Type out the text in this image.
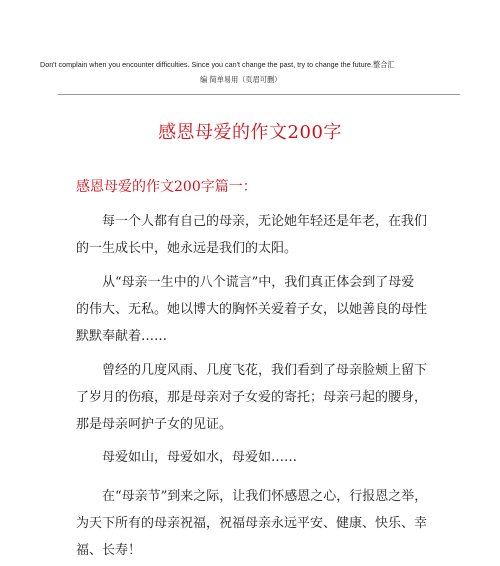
Don't complain when you encounter difficulties. Since you can't change the past, try to change the future.整合汇
编 简单易用（页眉可删）
感恩母爱的作文200字
感恩母爱的作文200字篇一：
每一个人都有自己的母亲，无论她年轻还是年老，在我们
的一生成长中，她永远是我们的太阳。
从“母亲一生中的八个谎言”中，我们真正体会到了母爱
的伟大、无私。她以博大的胸怀关爱着子女，以她善良的母性
默默奉献着……
曾经的几度风雨、几度飞花，我们看到了母亲脸颊上留下
了岁月的伤痕，那是母亲对子女爱的寄托；母亲弓起的腰身，
那是母亲呵护子女的见证。
母爱如山，母爱如水，母爱如……
在“母亲节”到来之际，让我们怀感恩之心，行报恩之举，
为天下所有的母亲祝福，祝福母亲永远平安、健康、快乐、幸
福、长寿！
